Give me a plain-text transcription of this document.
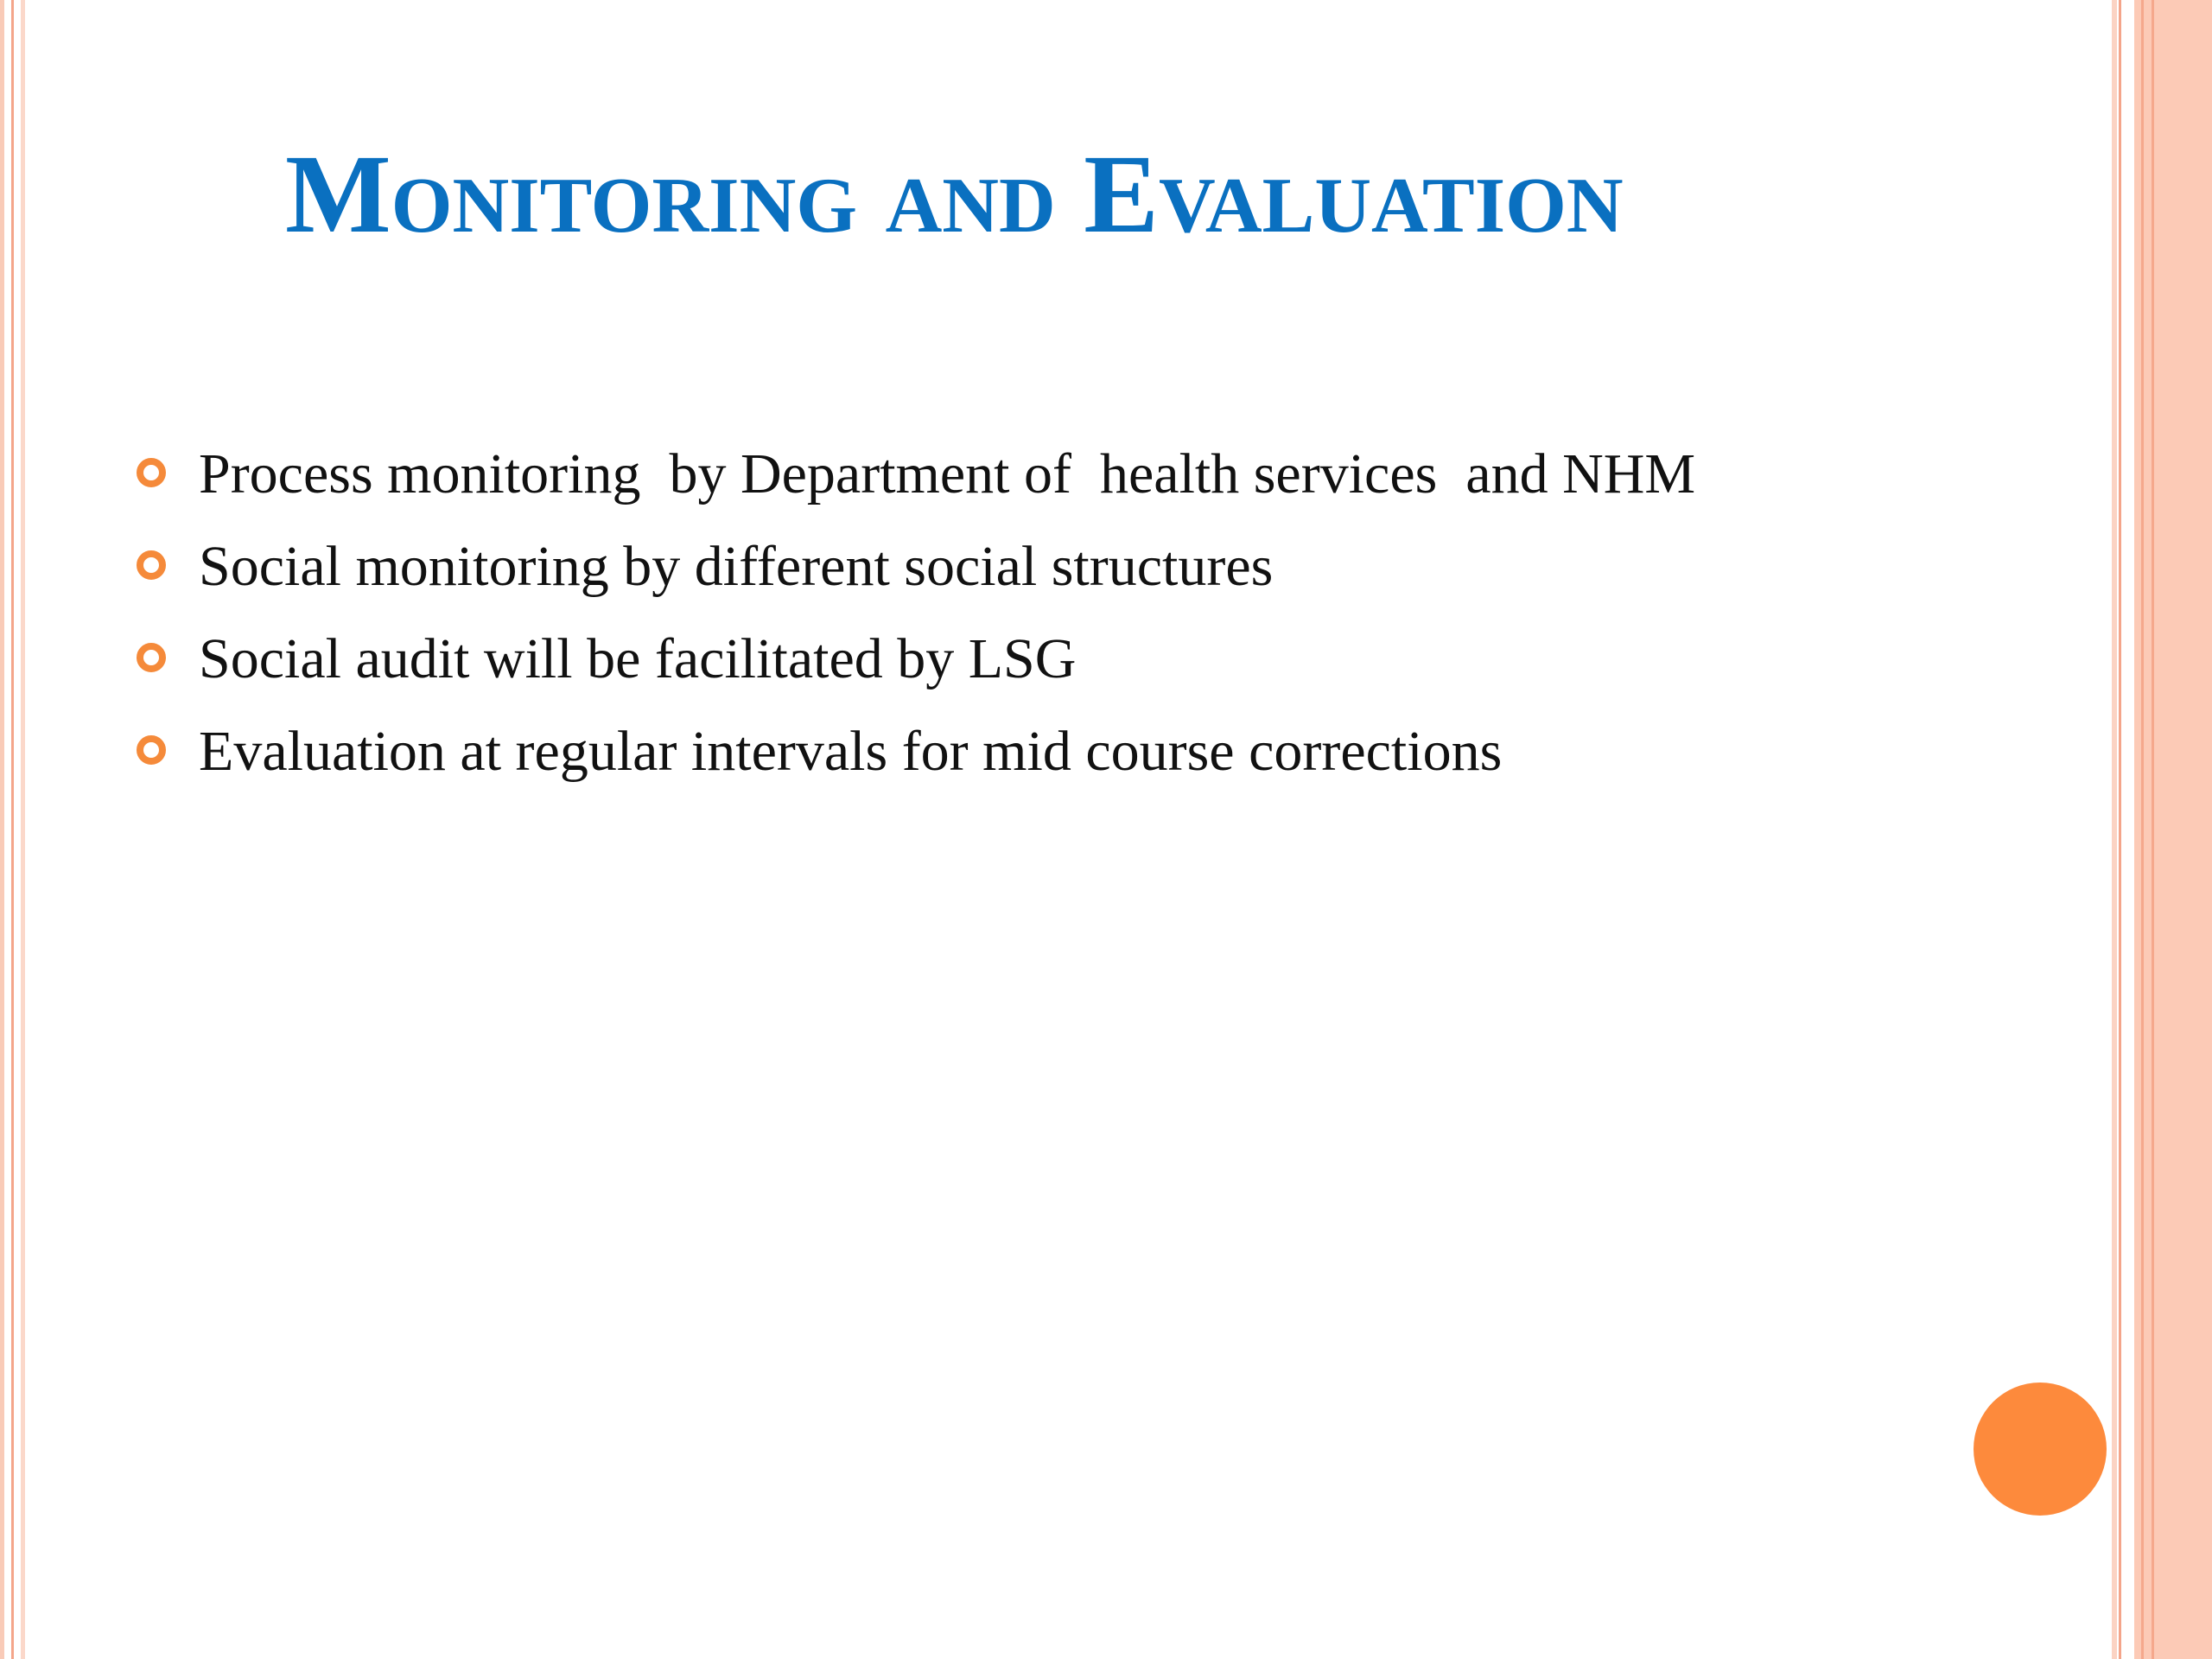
Monitoring and Evaluation
Process monitoring  by Department of  health services  and NHM
Social monitoring by different social structures
Social audit will be facilitated by LSG
Evaluation at regular intervals for mid course corrections
